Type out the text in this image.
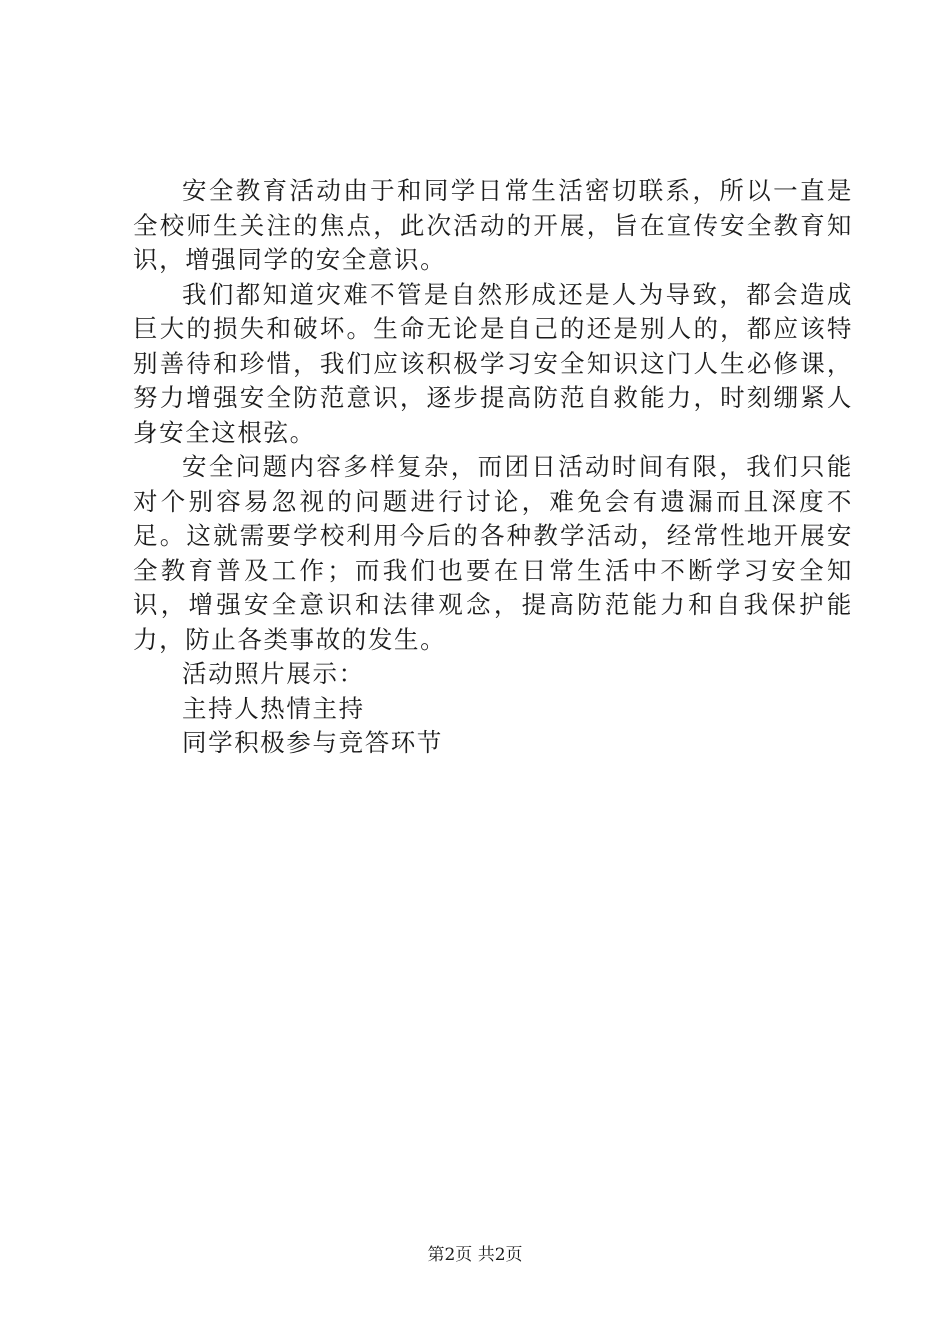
安全教育活动由于和同学日常生活密切联系，所以一直是全校师生关注的焦点，此次活动的开展，旨在宣传安全教育知识，增强同学的安全意识。

我们都知道灾难不管是自然形成还是人为导致，都会造成巨大的损失和破坏。生命无论是自己的还是别人的，都应该特别善待和珍惜，我们应该积极学习安全知识这门人生必修课，努力增强安全防范意识，逐步提高防范自救能力，时刻绷紧人身安全这根弦。

安全问题内容多样复杂，而团日活动时间有限，我们只能对个别容易忽视的问题进行讨论，难免会有遗漏而且深度不足。这就需要学校利用今后的各种教学活动，经常性地开展安全教育普及工作；而我们也要在日常生活中不断学习安全知识，增强安全意识和法律观念，提高防范能力和自我保护能力，防止各类事故的发生。

活动照片展示：

主持人热情主持

同学积极参与竞答环节

第2页 共2页
